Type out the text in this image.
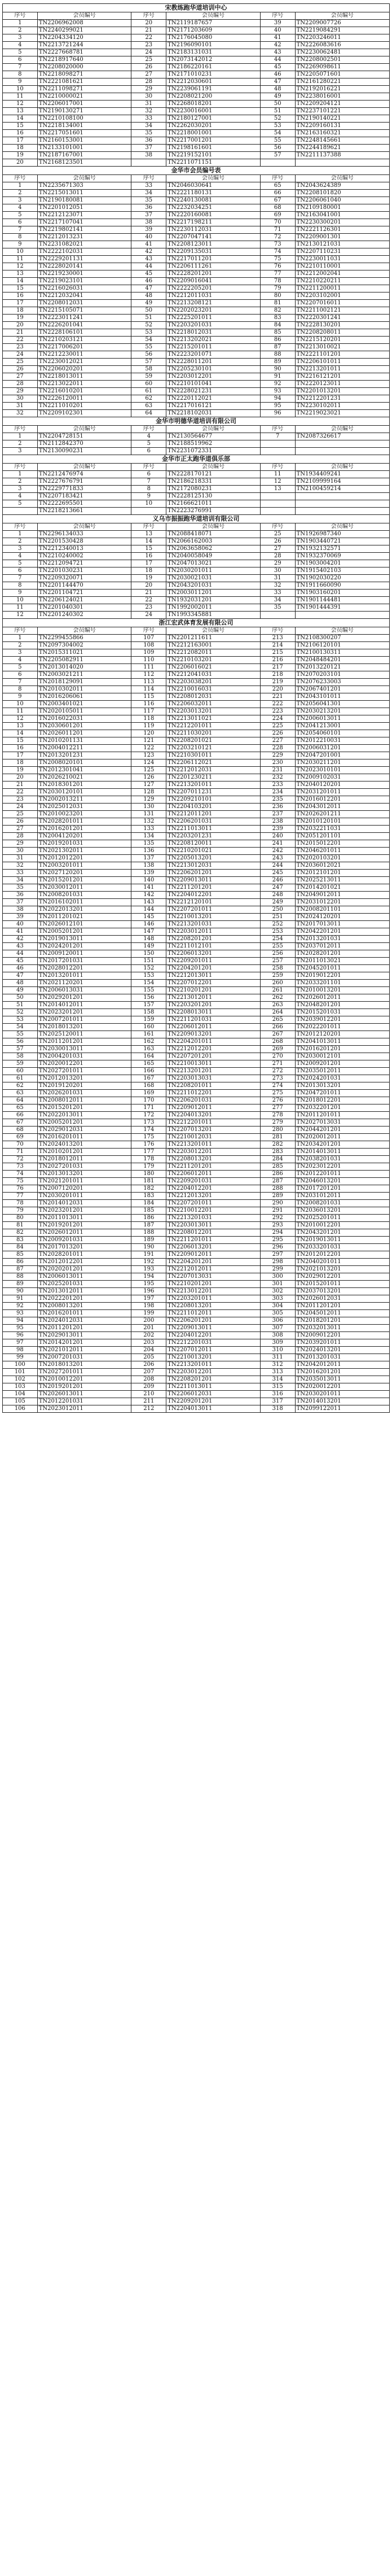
宋教练跑华道培训中心					
序号	会员编号	序号	会员编号	序号	会员编号
1	TN2206962008	20	TN2119187657	39	TN2209007726
2	TN2240299021	21	TN2171203609	40	TN2219084291
3	TN2204334120	22	TN2176045080	41	TN2203246011
4	TN2213721244	23	TN2196090101	42	TN2226083616
5	TN2227668781	24	TN2183131031	43	TN2230062481
6	TN2218917640	25	TN2073142012	44	TN2208002501
7	TN2208020000	26	TN2186220161	45	TN2269098611
8	TN2218098271	27	TN2171010231	46	TN2205071601
9	TN2221081621	28	TN2212030601	47	TN2161280221
10	TN2211098271	29	TN2239061191	48	TN2192016221
11	TN2210000021	30	TN2208021200	49	TN2238016001
12	TN2206017001	31	TN2268018201	50	TN2209204121
13	TN2190130271	32	TN2230016001	51	TN2237101221
14	TN2210108100	33	TN2180127001	52	TN2190140221
15	TN2218134001	34	TN2262030201	53	TN2209160131
16	TN2217051601	35	TN2218001001	54	TN2163160321
17	TN2160153001	36	TN2217001201	55	TN2248145661
18	TN2133101001	37	TN2198161601	56	TN2244189621
19	TN2187167001	38	TN2219152101	57	TN2211137388
20	TN2168123501		TN2211071151		
金华市会员编号表					
序号	会员编号	序号	会员编号	序号	会员编号
1	TN2235671303	33	TN2046030641	65	TN2043624389
2	TN2215013011	34	TN2221180131	66	TN2208101820
3	TN2190180081	35	TN2240130081	67	TN2206061040
4	TN2201012051	36	TN2232034251	68	TN2109180001
5	TN2212123071	37	TN2220160081	69	TN2163041001
6	TN2217107041	38	TN2217198211	70	TN2230300201
7	TN2219802141	39	TN2230112031	71	TN2221126301
8	TN2212013231	40	TN2207047141	72	TN2209001301
9	TN2231082021	41	TN2208123011	73	TN2130121031
10	TN2222102031	42	TN2209135031	74	TN2207110231
11	TN2229201131	43	TN2217011201	75	TN2230011031
12	TN2228020141	44	TN2206111261	76	TN2210110001
13	TN2219230001	45	TN2228201201	77	TN2212002041
14	TN2219023101	46	TN2209016041	78	TN2210220211
15	TN2216026031	47	TN2222205201	79	TN2211200011
16	TN2212032041	48	TN2212011031	80	TN2203102001
17	TN2208012031	49	TN2213208121	81	TN2207016011
18	TN2215105071	50	TN2202023201	82	TN2211002121
19	TN2223011241	51	TN2225201011	83	TN2220301241
20	TN2226201041	52	TN2203201031	84	TN2228130201
21	TN2228106101	53	TN2218012031	85	TN2208208011
22	TN2210203121	54	TN2213202021	86	TN2215120201
23	TN2217006201	55	TN2215201011	87	TN2213010021
24	TN2212230011	56	TN2223201071	88	TN2221101201
25	TN2230012021	57	TN2228011201	89	TN2206101011
26	TN2206020201	58	TN2205230101	90	TN2213201011
27	TN2218013011	59	TN2203012201	91	TN2216121201
28	TN2213022011	60	TN2210101041	92	TN2220123011
29	TN2216010201	61	TN2228021231	93	TN2201013201
30	TN2226120011	62	TN2220112021	94	TN2212201231
31	TN2211010201	63	TN2217016121	95	TN2230102011
32	TN2209102301	64	TN2218102031	96	TN2219023021
金华市明德华道培训有限公司					
序号	会员编号	序号	会员编号	序号	会员编号
1	TN2204728151	4	TN2130564677	7	TN2087326617
2	TN2112842370	5	TN2188519962		
3	TN2130090231	6	TN2231072331		
金华市正太跑华道俱乐部					
序号	会员编号	序号	会员编号	序号	会员编号
1	TN2212476974	6	TN2228170121	11	TN1934409241
2	TN2227676791	7	TN2186218331	12	TN2109999164
3	TN2229771833	8	TN2172080231	13	TN2100459214
4	TN2207183421	9	TN2228125130		
5	TN2222695501	10	TN2166621011		
	TN2218213661		TN2223276991		
义乌市振振跑华道培训有限公司					
序号	会员编号	序号	会员编号	序号	会员编号
1	TN2296134033	13	TN2088418071	25	TN1926987340
2	TN2201530428	14	TN2066162003	26	TN1903440721
3	TN2212340013	15	TN2063658062	27	TN1932132571
4	TN2210240002	16	TN2040058049	28	TN1932370069
5	TN2212094721	17	TN2047013021	29	TN1903004201
6	TN2201030231	18	TN2030201011	30	TN1915402103
7	TN2209320071	19	TN2030021031	31	TN1902030220
8	TN2201144470	20	TN2043201031	32	TN1911660090
9	TN2201104721	21	TN2003011201	33	TN1903160201
10	TN2206124021	22	TN1932031201	34	TN1901144481
11	TN2201040301	23	TN1992002011	35	TN1901444391
12	TN2201240302	24	TN1993345881		
浙江宏武体育发展有限公司					
序号	会员编号	序号	会员编号	序号	会员编号
1	TN2299455866	107	TN2201211611	213	TN2108300207
2	TN2097304002	108	TN2212163001	214	TN2106120101
3	TN2015311021	109	TN2212082011	215	TN2100130311
4	TN2205082911	110	TN2210103201	216	TN2048484201
5	TN2013014020	111	TN2206016021	217	TN2013220121
6	TN2003021211	112	TN2212041031	218	TN2070203101
7	TN2018129091	113	TN2203038201	219	TN2076233003
8	TN2010302011	114	TN2210016031	220	TN2067401201
9	TN2016206061	115	TN2208012031	221	TN2043101011
10	TN2003401021	116	TN2206032011	222	TN2056041301
11	TN2020105011	117	TN2203013201	223	TN2030213201
12	TN2016022031	118	TN2213011021	224	TN2006013011
13	TN2030601201	119	TN2212201011	225	TN2041213001
14	TN2026011201	120	TN2211030201	226	TN2054060101
15	TN2010201131	121	TN2208201021	227	TN2012210031
16	TN2004012211	122	TN2203210121	228	TN2006031201
17	TN2013201231	123	TN2210301011	229	TN2047201001
18	TN2008020101	124	TN2206112021	230	TN2030211201
19	TN2012301041	125	TN2212012031	231	TN2023010101
20	TN2026210021	126	TN2201230211	232	TN2009102031
21	TN2018301201	127	TN2213201011	233	TN2040120201
22	TN2030120101	128	TN2207011231	234	TN2031201011
23	TN2002013211	129	TN2209210101	235	TN2016012201
24	TN2025012031	130	TN2204103201	236	TN2043012011
25	TN2010023201	131	TN2212011201	237	TN2026201211
26	TN2028201011	132	TN2206201031	238	TN2010120101
27	TN2016201201	133	TN2211013011	239	TN2032211031
28	TN2004120201	134	TN2203201231	240	TN2051201101
29	TN2019201031	135	TN2208120011	241	TN2015012201
30	TN2021302011	136	TN2210201021	242	TN2046201011
31	TN2012012201	137	TN2205013201	243	TN2020103201
32	TN2003201011	138	TN2213012031	244	TN2036012021
33	TN2027120201	139	TN2206201201	245	TN2012101201
34	TN2015201201	140	TN2209013011	246	TN2025213011
35	TN2030012011	141	TN2211201201	247	TN2014201021
36	TN2008201031	142	TN2204012201	248	TN2049012011
37	TN2016102011	143	TN2212120101	249	TN2031012201
38	TN2022013201	144	TN2207201011	250	TN2008201101
39	TN2011201021	145	TN2210013201	251	TN2024120201
40	TN2026012101	146	TN2213201031	252	TN2017013011
41	TN2005201201	147	TN2203012011	253	TN2042201201
42	TN2019013011	148	TN2208201201	254	TN2013201031
43	TN2024201201	149	TN2211012101	255	TN2037012011
44	TN2009120011	150	TN2206013201	256	TN2028201201
45	TN2017201031	151	TN2209201011	257	TN2011013021
46	TN2028012201	152	TN2204201201	258	TN2045201011
47	TN2013201011	153	TN2212013011	259	TN2019012201
48	TN2021120201	154	TN2207012201	260	TN2033201101
49	TN2006013031	155	TN2210201201	261	TN2010013201
50	TN2029201201	156	TN2213012011	262	TN2026012011
51	TN2014012011	157	TN2203201201	263	TN2048201201
52	TN2023201201	158	TN2208013011	264	TN2015201031
53	TN2007201011	159	TN2211201031	265	TN2039012201
54	TN2018013201	160	TN2206012011	266	TN2022201011
55	TN2025120011	161	TN2209013201	267	TN2012120201
56	TN2011201201	162	TN2204201011	268	TN2041013011
57	TN2030013011	163	TN2212012201	269	TN2016201201
58	TN2004201031	164	TN2207201201	270	TN2030012101
59	TN2020012201	165	TN2210013011	271	TN2009201201
60	TN2027201011	166	TN2213201201	272	TN2035012011
61	TN2012013201	167	TN2203013031	273	TN2024201031
62	TN2019120201	168	TN2208201011	274	TN2013013201
63	TN2026201031	169	TN2211012201	275	TN2047201011
64	TN2008012011	170	TN2206201031	276	TN2018012201
65	TN2015201201	171	TN2209012011	277	TN2032201201
66	TN2022013011	172	TN2204013201	278	TN2011201011
67	TN2005201201	173	TN2212201011	279	TN2027013031
68	TN2029012031	174	TN2207013201	280	TN2044201201
69	TN2016201011	175	TN2210012031	281	TN2020012011
70	TN2024013201	176	TN2213201011	282	TN2034201201
71	TN2010201201	177	TN2203012201	283	TN2014013011
72	TN2018012011	178	TN2208013201	284	TN2038201031
73	TN2027201031	179	TN2211201201	285	TN2023012201
74	TN2013013201	180	TN2206012011	286	TN2012201011
75	TN2021201011	181	TN2209201031	287	TN2046013201
76	TN2007120201	182	TN2204012201	288	TN2017201201
77	TN2030201011	183	TN2212013201	289	TN2031012011
78	TN2014012031	184	TN2207201011	290	TN2008201031
79	TN2023201201	185	TN2210012201	291	TN2036013201
80	TN2011013011	186	TN2213201031	292	TN2025201011
81	TN2019201201	187	TN2203013011	293	TN2010012201
82	TN2026012011	188	TN2208012201	294	TN2043201201
83	TN2009201031	189	TN2211201011	295	TN2019013011
84	TN2017013201	190	TN2206013201	296	TN2033201031
85	TN2028201011	191	TN2209012011	297	TN2012012201
86	TN2012012201	192	TN2204201201	298	TN2040201011
87	TN2020201201	193	TN2212012011	299	TN2021013201
88	TN2006013011	194	TN2207013031	300	TN2029012201
89	TN2025201031	195	TN2210201201	301	TN2015201011
90	TN2013012011	196	TN2213012201	302	TN2037013201
91	TN2022201201	197	TN2203201011	303	TN2026012031
92	TN2008013201	198	TN2208013201	304	TN2011201201
93	TN2016201011	199	TN2211012011	305	TN2045012011
94	TN2024012031	200	TN2206201201	306	TN2018201201
95	TN2011201201	201	TN2209013011	307	TN2032013011
96	TN2029013011	202	TN2204012201	308	TN2009012201
97	TN2014201201	203	TN2212201031	309	TN2039201011
98	TN2021012011	204	TN2207012011	310	TN2024013201
99	TN2007201031	205	TN2210013201	311	TN2013201031
100	TN2018013201	206	TN2213201011	312	TN2042012011
101	TN2027201011	207	TN2203012201	313	TN2016201201
102	TN2010012201	208	TN2208201201	314	TN2035013011
103	TN2019201201	209	TN2211013011	315	TN2020012201
104	TN2026013011	210	TN2206012031	316	TN2030201011
105	TN2012201031	211	TN2209201201	317	TN2014013201
106	TN2023012011	212	TN2204013011	318	TN2099122011
